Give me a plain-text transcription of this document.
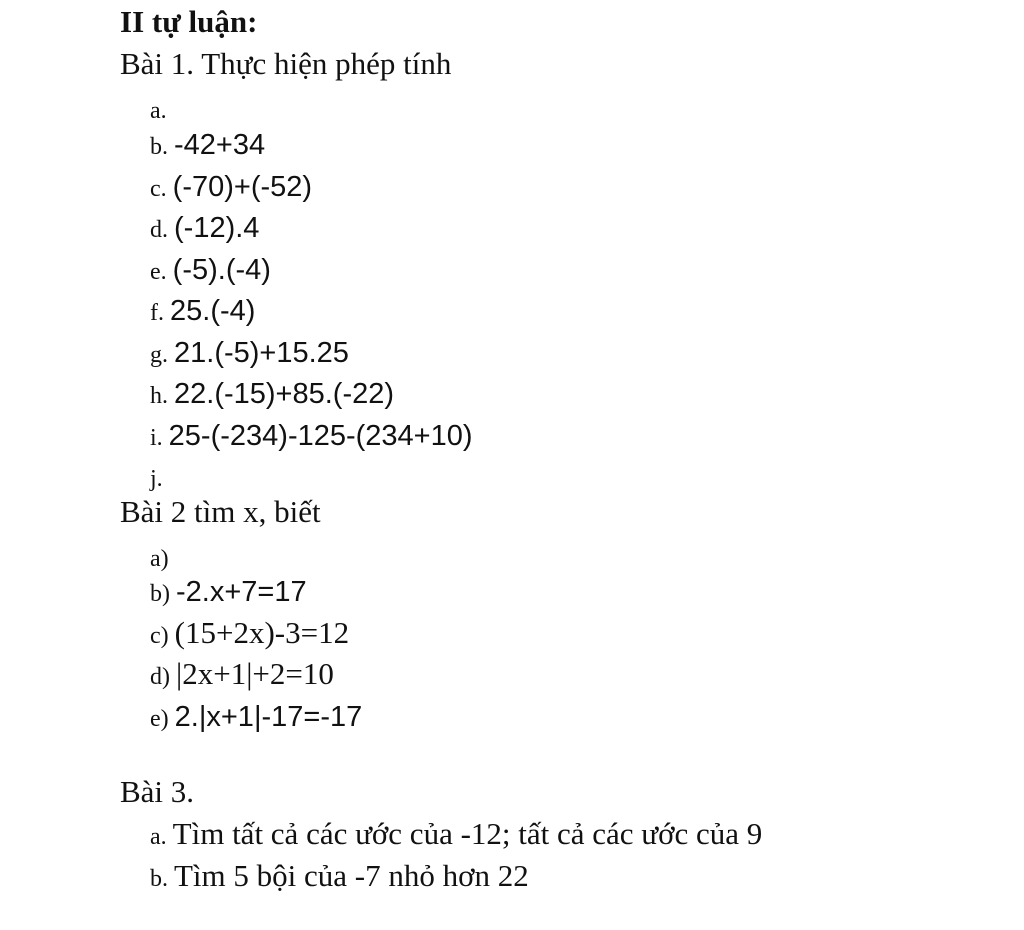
II tự luận:
Bài 1. Thực hiện phép tính
a.
b. -42+34
c. (-70)+(-52)
d. (-12).4
e. (-5).(-4)
f. 25.(-4)
g. 21.(-5)+15.25
h. 22.(-15)+85.(-22)
i. 25-(-234)-125-(234+10)
j.
Bài 2 tìm x, biết
a)
b) -2.x+7=17
c) (15+2x)-3=12
d) |2x+1|+2=10
e) 2.|x+1|-17=-17
Bài 3.
a. Tìm tất cả các ước của -12; tất cả các ước của 9
b. Tìm 5 bội của -7 nhỏ hơn 22
